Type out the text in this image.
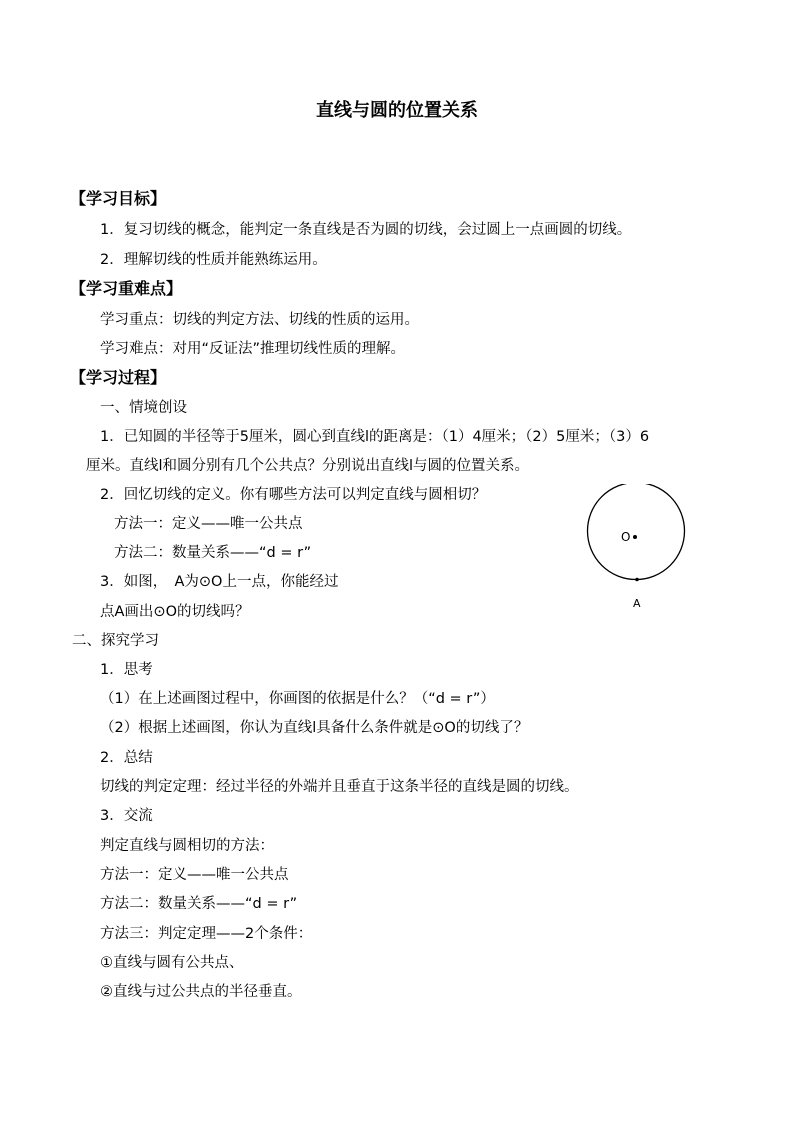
直线与圆的位置关系
【学习目标】
1．复习切线的概念，能判定一条直线是否为圆的切线，会过圆上一点画圆的切线。
2．理解切线的性质并能熟练运用。
【学习重难点】
学习重点：切线的判定方法、切线的性质的运用。
学习难点：对用“反证法”推理切线性质的理解。
【学习过程】
一、情境创设
1．已知圆的半径等于5厘米，圆心到直线l的距离是：（1）4厘米；（2）5厘米；（3）6
厘米。直线l和圆分别有几个公共点？分别说出直线l与圆的位置关系。
2．回忆切线的定义。你有哪些方法可以判定直线与圆相切？
方法一：定义——唯一公共点
方法二：数量关系——“d = r”
3．如图，　A为⊙O上一点，你能经过
点A画出⊙O的切线吗？
O
A
二、探究学习
1．思考
（1）在上述画图过程中，你画图的依据是什么？（“d = r”）
（2）根据上述画图，你认为直线l具备什么条件就是⊙O的切线了？
2．总结
切线的判定定理：经过半径的外端并且垂直于这条半径的直线是圆的切线。
3．交流
判定直线与圆相切的方法：
方法一：定义——唯一公共点
方法二：数量关系——“d = r”
方法三：判定定理——2个条件：
①直线与圆有公共点、
②直线与过公共点的半径垂直。
